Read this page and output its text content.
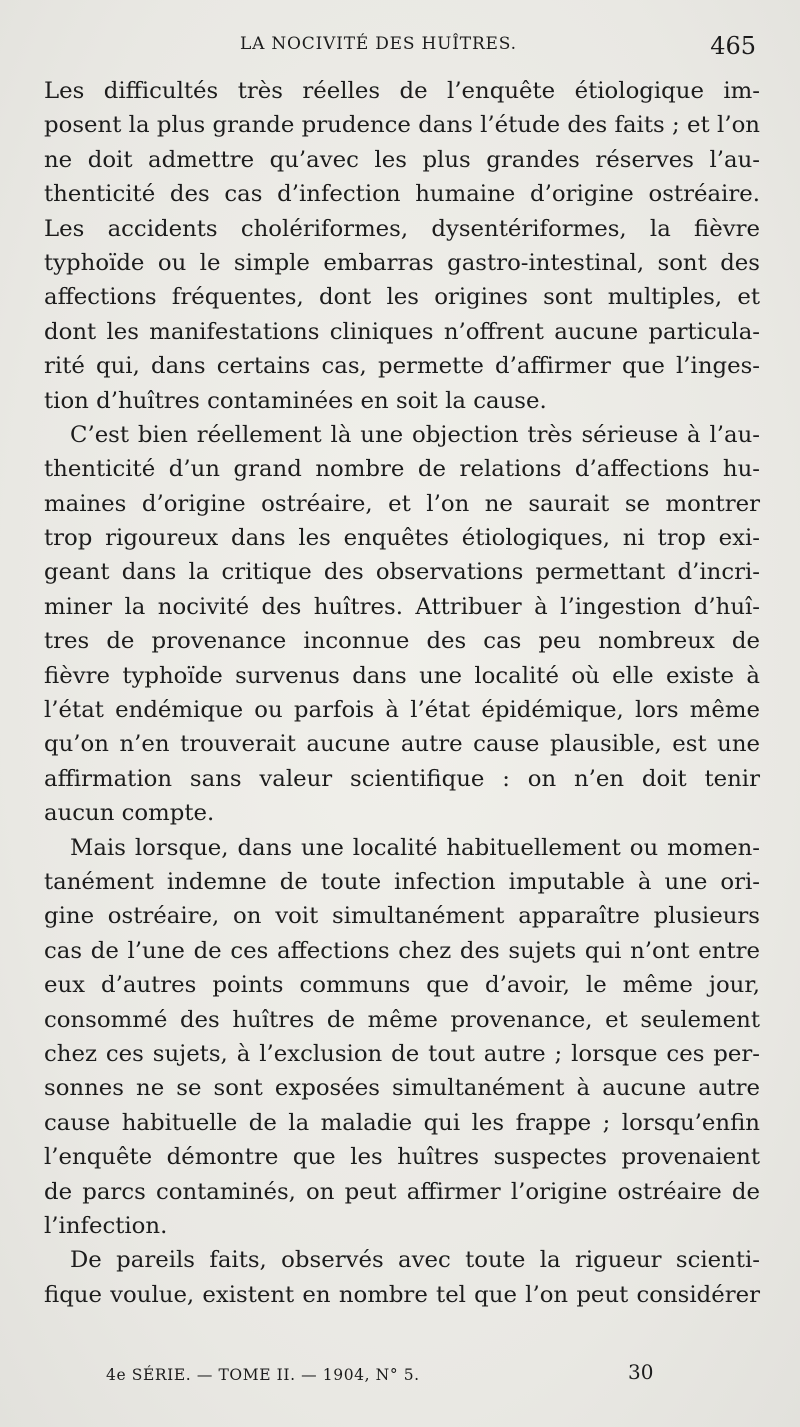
LA NOCIVITÉ DES HUÎTRES.	465
Les difficultés très réelles de l’enquête étiologique im-
posent la plus grande prudence dans l’étude des faits ; et l’on
ne doit admettre qu’avec les plus grandes réserves l’au-
thenticité des cas d’infection humaine d’origine ostréaire.
Les accidents cholériformes, dysentériformes, la fièvre
typhoïde ou le simple embarras gastro-intestinal, sont des
affections fréquentes, dont les origines sont multiples, et
dont les manifestations cliniques n’offrent aucune particula-
rité qui, dans certains cas, permette d’affirmer que l’inges-
tion d’huîtres contaminées en soit la cause.
C’est bien réellement là une objection très sérieuse à l’au-
thenticité d’un grand nombre de relations d’affections hu-
maines d’origine ostréaire, et l’on ne saurait se montrer
trop rigoureux dans les enquêtes étiologiques, ni trop exi-
geant dans la critique des observations permettant d’incri-
miner la nocivité des huîtres. Attribuer à l’ingestion d’huî-
tres de provenance inconnue des cas peu nombreux de
fièvre typhoïde survenus dans une localité où elle existe à
l’état endémique ou parfois à l’état épidémique, lors même
qu’on n’en trouverait aucune autre cause plausible, est une
affirmation sans valeur scientifique : on n’en doit tenir
aucun compte.
Mais lorsque, dans une localité habituellement ou momen-
tanément indemne de toute infection imputable à une ori-
gine ostréaire, on voit simultanément apparaître plusieurs
cas de l’une de ces affections chez des sujets qui n’ont entre
eux d’autres points communs que d’avoir, le même jour,
consommé des huîtres de même provenance, et seulement
chez ces sujets, à l’exclusion de tout autre ; lorsque ces per-
sonnes ne se sont exposées simultanément à aucune autre
cause habituelle de la maladie qui les frappe ; lorsqu’enfin
l’enquête démontre que les huîtres suspectes provenaient
de parcs contaminés, on peut affirmer l’origine ostréaire de
l’infection.
De pareils faits, observés avec toute la rigueur scienti-
fique voulue, existent en nombre tel que l’on peut considérer
4e SÉRIE. — TOME II. — 1904, N° 5.	30
